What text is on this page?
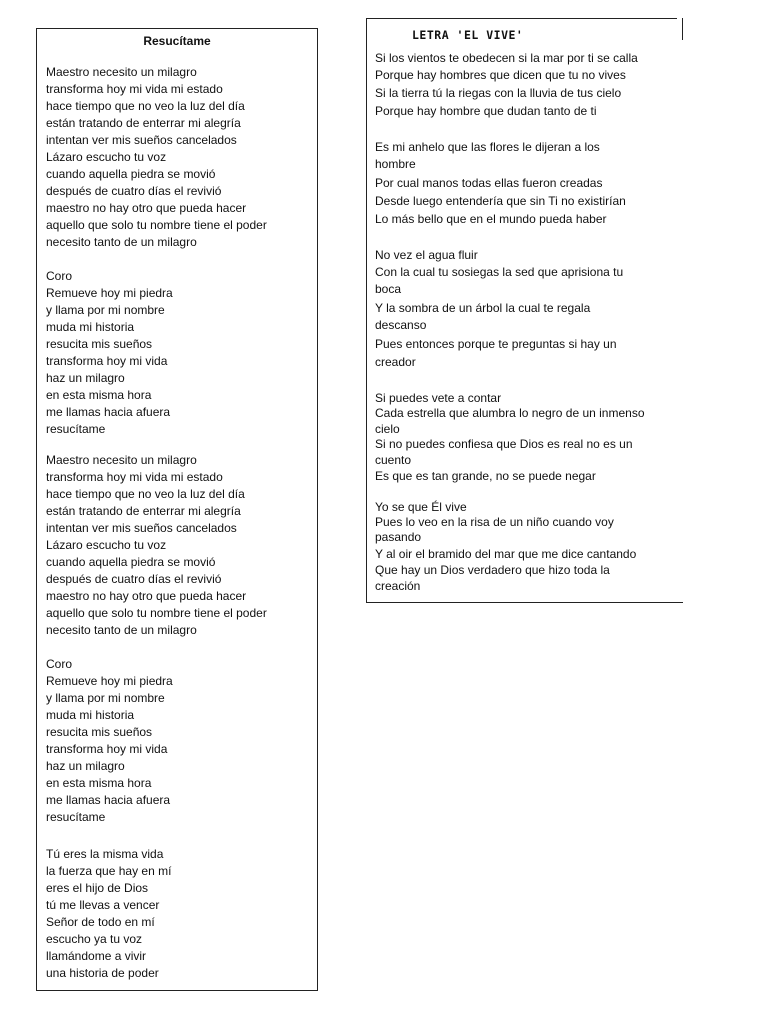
Resucítame
Maestro necesito un milagro
transforma hoy mi vida mi estado
hace tiempo que no veo la luz del día
están tratando de enterrar mi alegría
intentan ver mis sueños cancelados
Lázaro escucho tu voz
cuando aquella piedra se movió
después de cuatro días el revivió
maestro no hay otro que pueda hacer
aquello que solo tu nombre tiene el poder
necesito tanto de un milagro
Coro
Remueve hoy mi piedra
y llama por mi nombre
muda mi historia
resucita mis sueños
transforma hoy mi vida
haz un milagro
en esta misma hora
me llamas hacia afuera
resucítame
Maestro necesito un milagro
transforma hoy mi vida mi estado
hace tiempo que no veo la luz del día
están tratando de enterrar mi alegría
intentan ver mis sueños cancelados
Lázaro escucho tu voz
cuando aquella piedra se movió
después de cuatro días el revivió
maestro no hay otro que pueda hacer
aquello que solo tu nombre tiene el poder
necesito tanto de un milagro
Coro
Remueve hoy mi piedra
y llama por mi nombre
muda mi historia
resucita mis sueños
transforma hoy mi vida
haz un milagro
en esta misma hora
me llamas hacia afuera
resucítame
Tú eres la misma vida
la fuerza que hay en mí
eres el hijo de Dios
tú me llevas a vencer
Señor de todo en mí
escucho ya tu voz
llamándome a vivir
una historia de poder
LETRA 'EL VIVE'
Si los vientos te obedecen si la mar por ti se calla
Porque hay hombres que dicen que tu no vives
Si la tierra tú la riegas con la lluvia de tus cielo
Porque hay hombre que dudan tanto de ti
Es mi anhelo que las flores le dijeran a los
hombre
Por cual manos todas ellas fueron creadas
Desde luego entendería que sin Ti no existirían
Lo más bello que en el mundo pueda haber
No vez el agua fluir
Con la cual tu sosiegas la sed que aprisiona tu
boca
Y la sombra de un árbol la cual te regala
descanso
Pues entonces porque te preguntas si hay un
creador
Si puedes vete a contar
Cada estrella que alumbra lo negro de un inmenso
cielo
Si no puedes confiesa que Dios es real no es un
cuento
Es que es tan grande, no se puede negar
Yo se que Él vive
Pues lo veo en la risa de un niño cuando voy
pasando
Y al oir el bramido del mar que me dice cantando
Que hay un Dios verdadero que hizo toda la
creación
